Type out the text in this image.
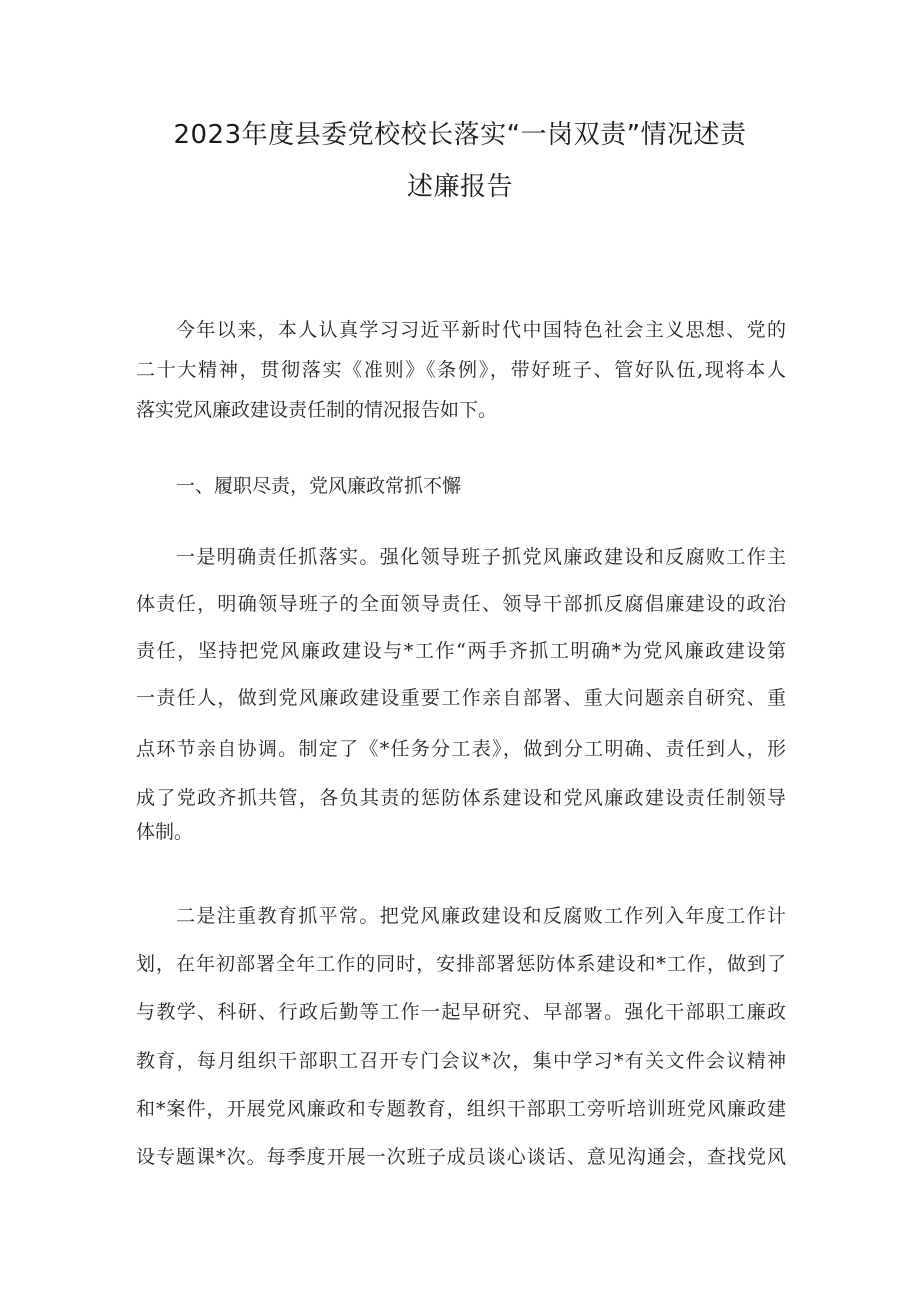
2023年度县委党校校长落实“一岗双责”情况述责
述廉报告
今年以来，本人认真学习习近平新时代中国特色社会主义思想、党的
二十大精神，贯彻落实《准则》《条例》，带好班子、管好队伍,现将本人
落实党风廉政建设责任制的情况报告如下。
一、履职尽责，党风廉政常抓不懈
一是明确责任抓落实。强化领导班子抓党风廉政建设和反腐败工作主
体责任，明确领导班子的全面领导责任、领导干部抓反腐倡廉建设的政治
责任，坚持把党风廉政建设与*工作“两手齐抓工明确*为党风廉政建设第
一责任人，做到党风廉政建设重要工作亲自部署、重大问题亲自研究、重
点环节亲自协调。制定了《*任务分工表》，做到分工明确、责任到人，形
成了党政齐抓共管，各负其责的惩防体系建设和党风廉政建设责任制领导
体制。
二是注重教育抓平常。把党风廉政建设和反腐败工作列入年度工作计
划，在年初部署全年工作的同时，安排部署惩防体系建设和*工作，做到了
与教学、科研、行政后勤等工作一起早研究、早部署。强化干部职工廉政
教育，每月组织干部职工召开专门会议*次，集中学习*有关文件会议精神
和*案件，开展党风廉政和专题教育，组织干部职工旁听培训班党风廉政建
设专题课*次。每季度开展一次班子成员谈心谈话、意见沟通会，查找党风
